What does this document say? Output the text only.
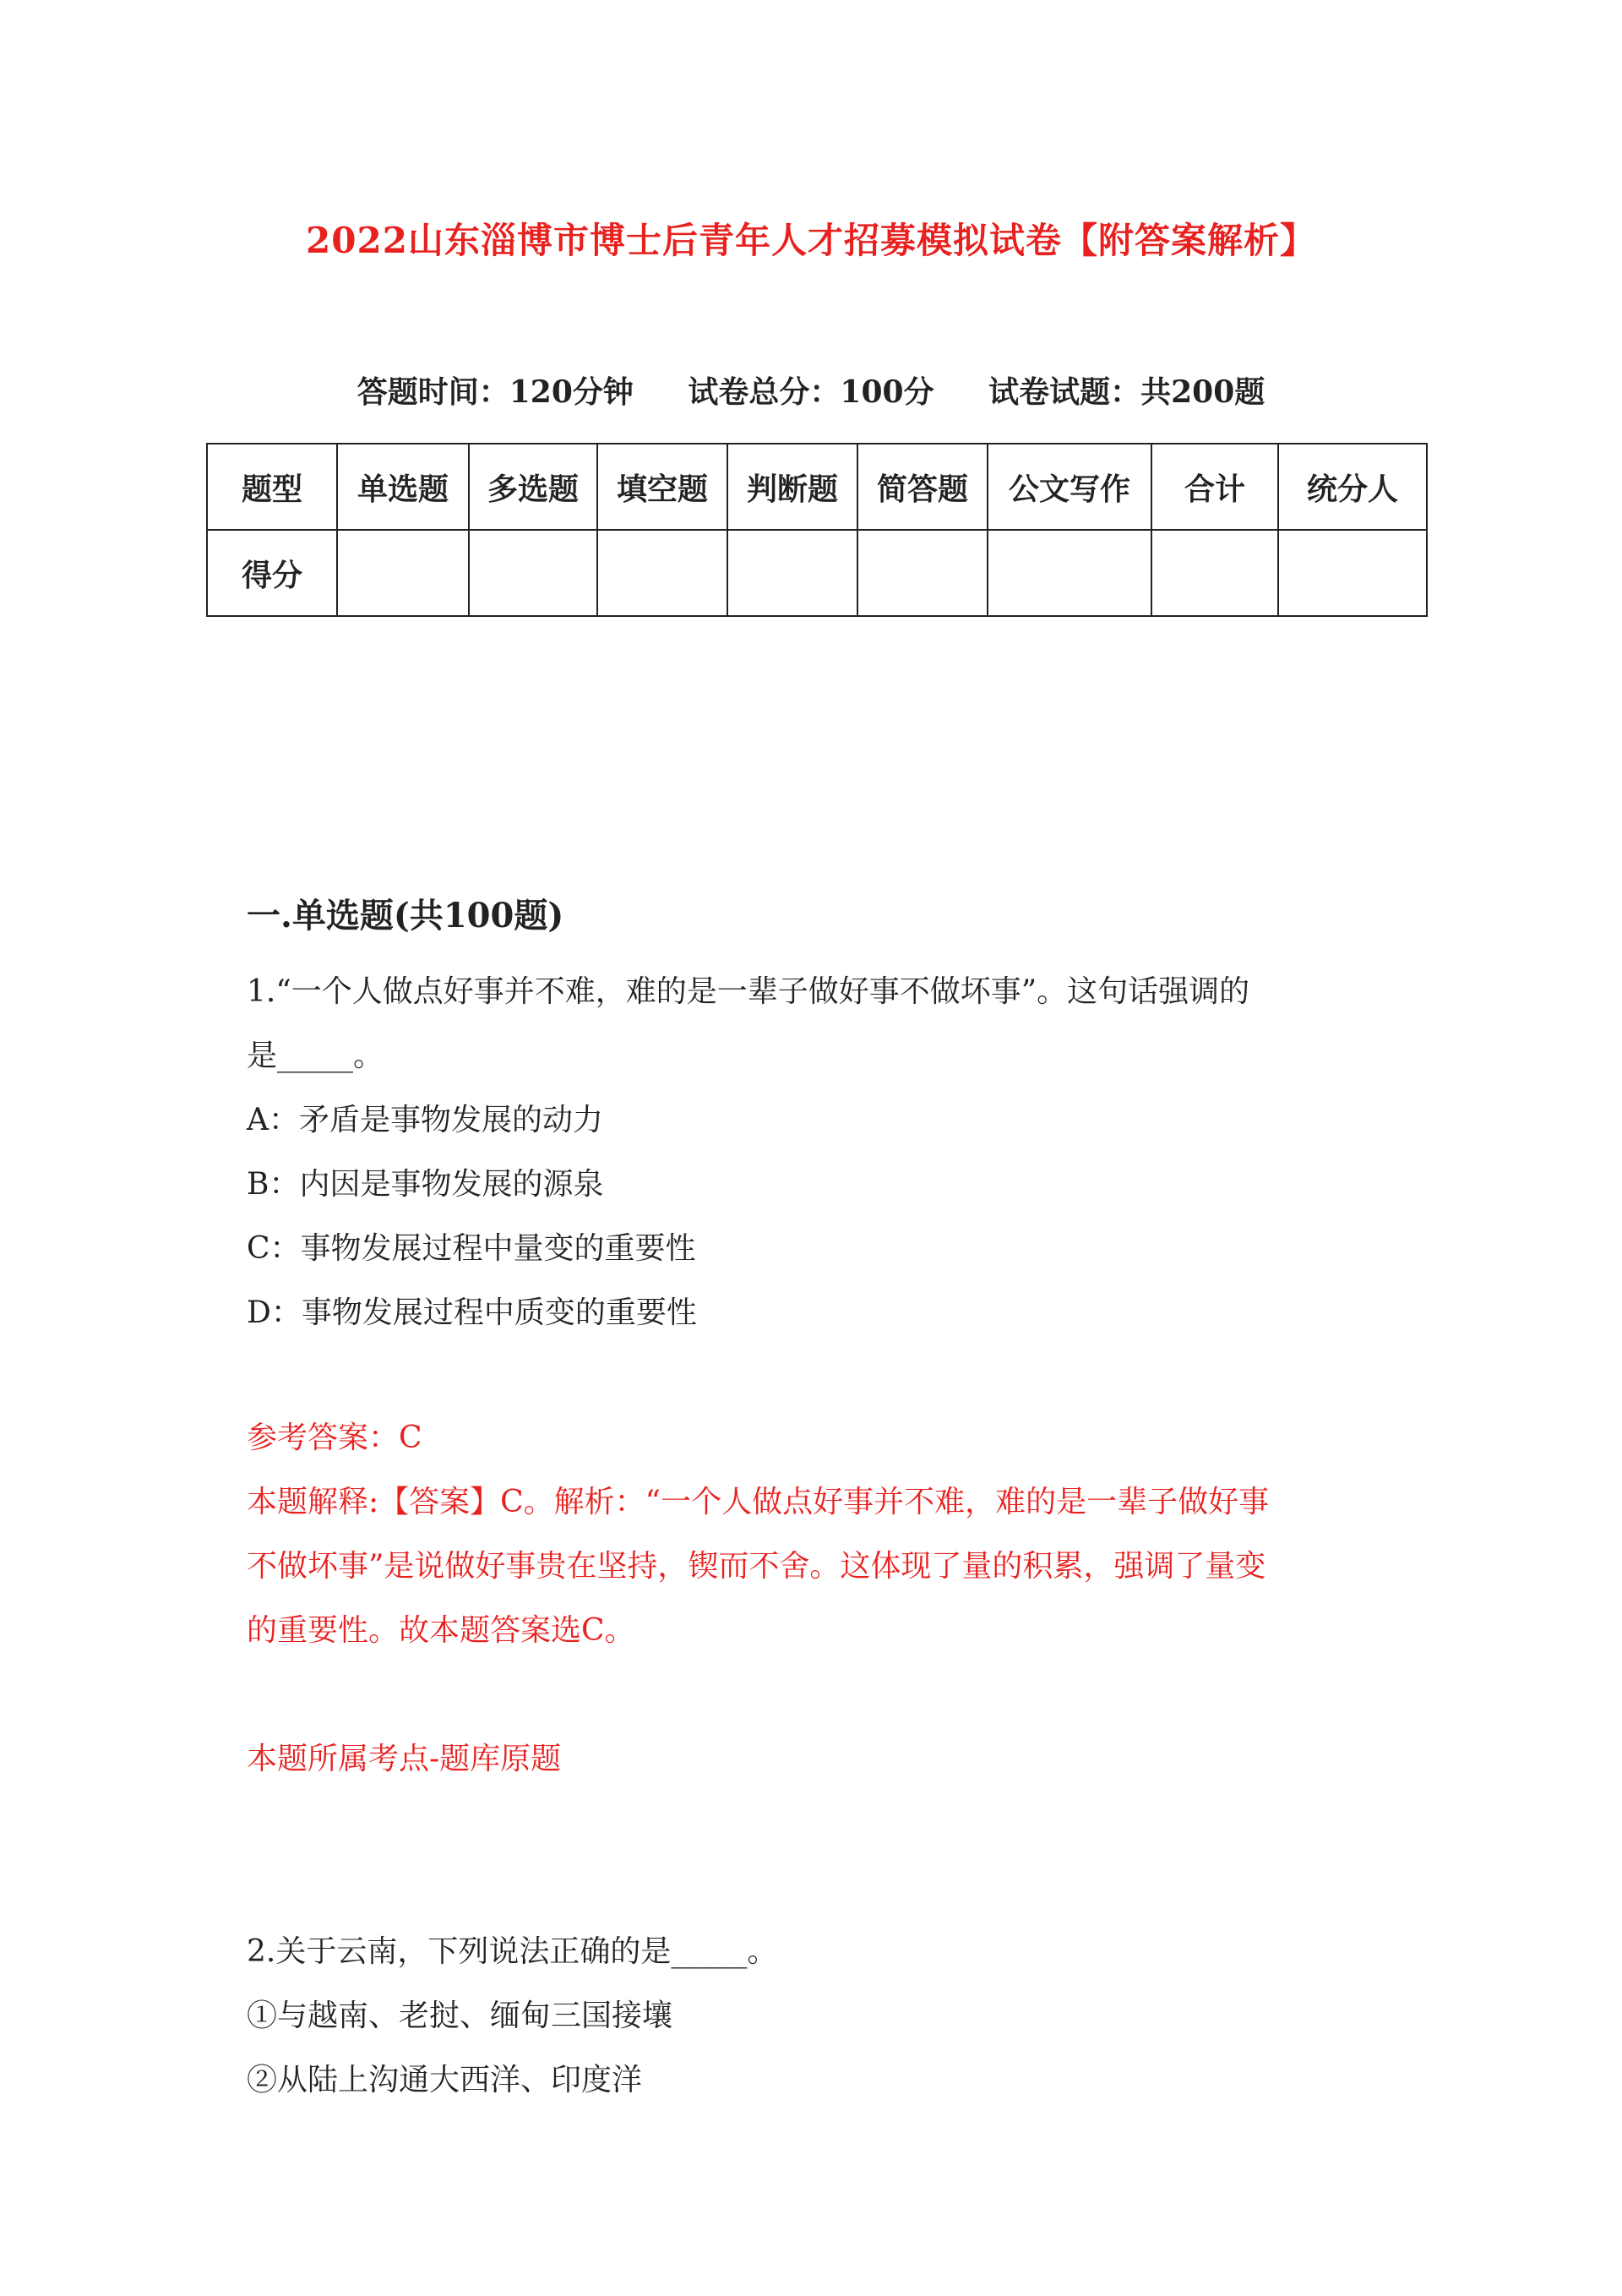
2022山东淄博市博士后青年人才招募模拟试卷【附答案解析】
答题时间：120分钟 试卷总分：100分 试卷试题：共200题
题型	单选题	多选题	填空题	判断题	简答题	公文写作	合计	统分人
得分								
一.单选题(共100题)
1.“一个人做点好事并不难，难的是一辈子做好事不做坏事”。这句话强调的
是_____。
A：矛盾是事物发展的动力
B：内因是事物发展的源泉
C：事物发展过程中量变的重要性
D：事物发展过程中质变的重要性
参考答案：C
本题解释:【答案】C。解析：“一个人做点好事并不难，难的是一辈子做好事
不做坏事”是说做好事贵在坚持，锲而不舍。这体现了量的积累，强调了量变
的重要性。故本题答案选C。
本题所属考点-题库原题
2.关于云南，下列说法正确的是_____。
①与越南、老挝、缅甸三国接壤
②从陆上沟通大西洋、印度洋
